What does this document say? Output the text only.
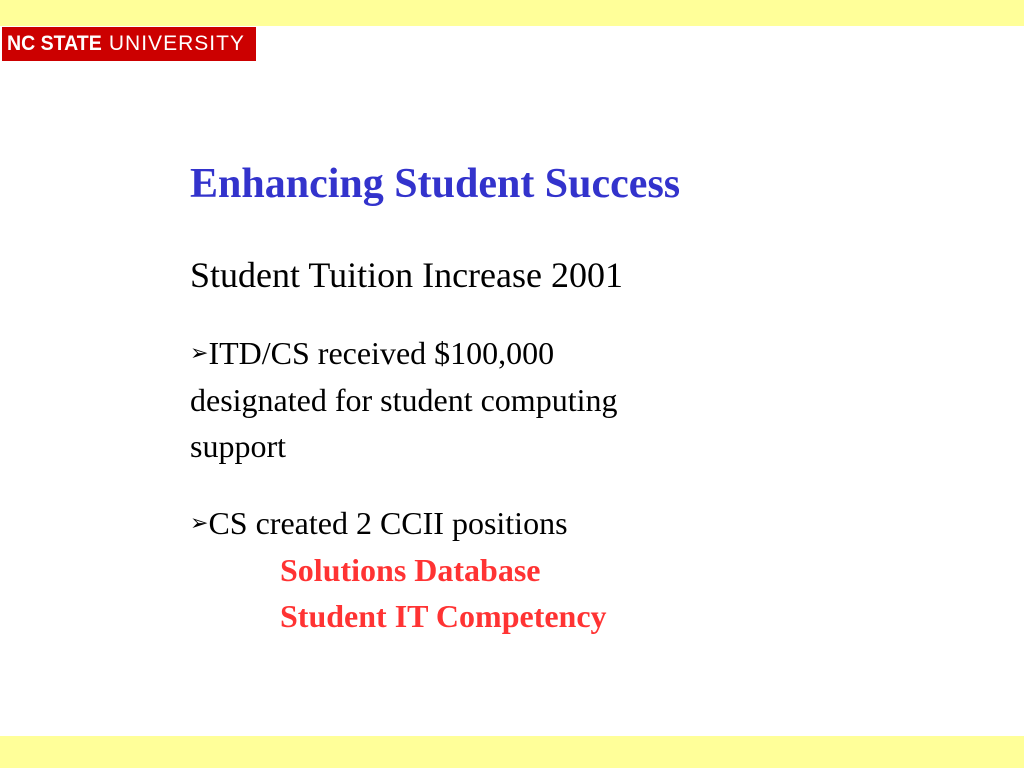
NC STATE UNIVERSITY
Enhancing Student Success

Student Tuition Increase 2001

➢ITD/CS received $100,000
designated for student computing
support
➢CS created 2 CCII positions
Solutions Database
Student IT Competency
